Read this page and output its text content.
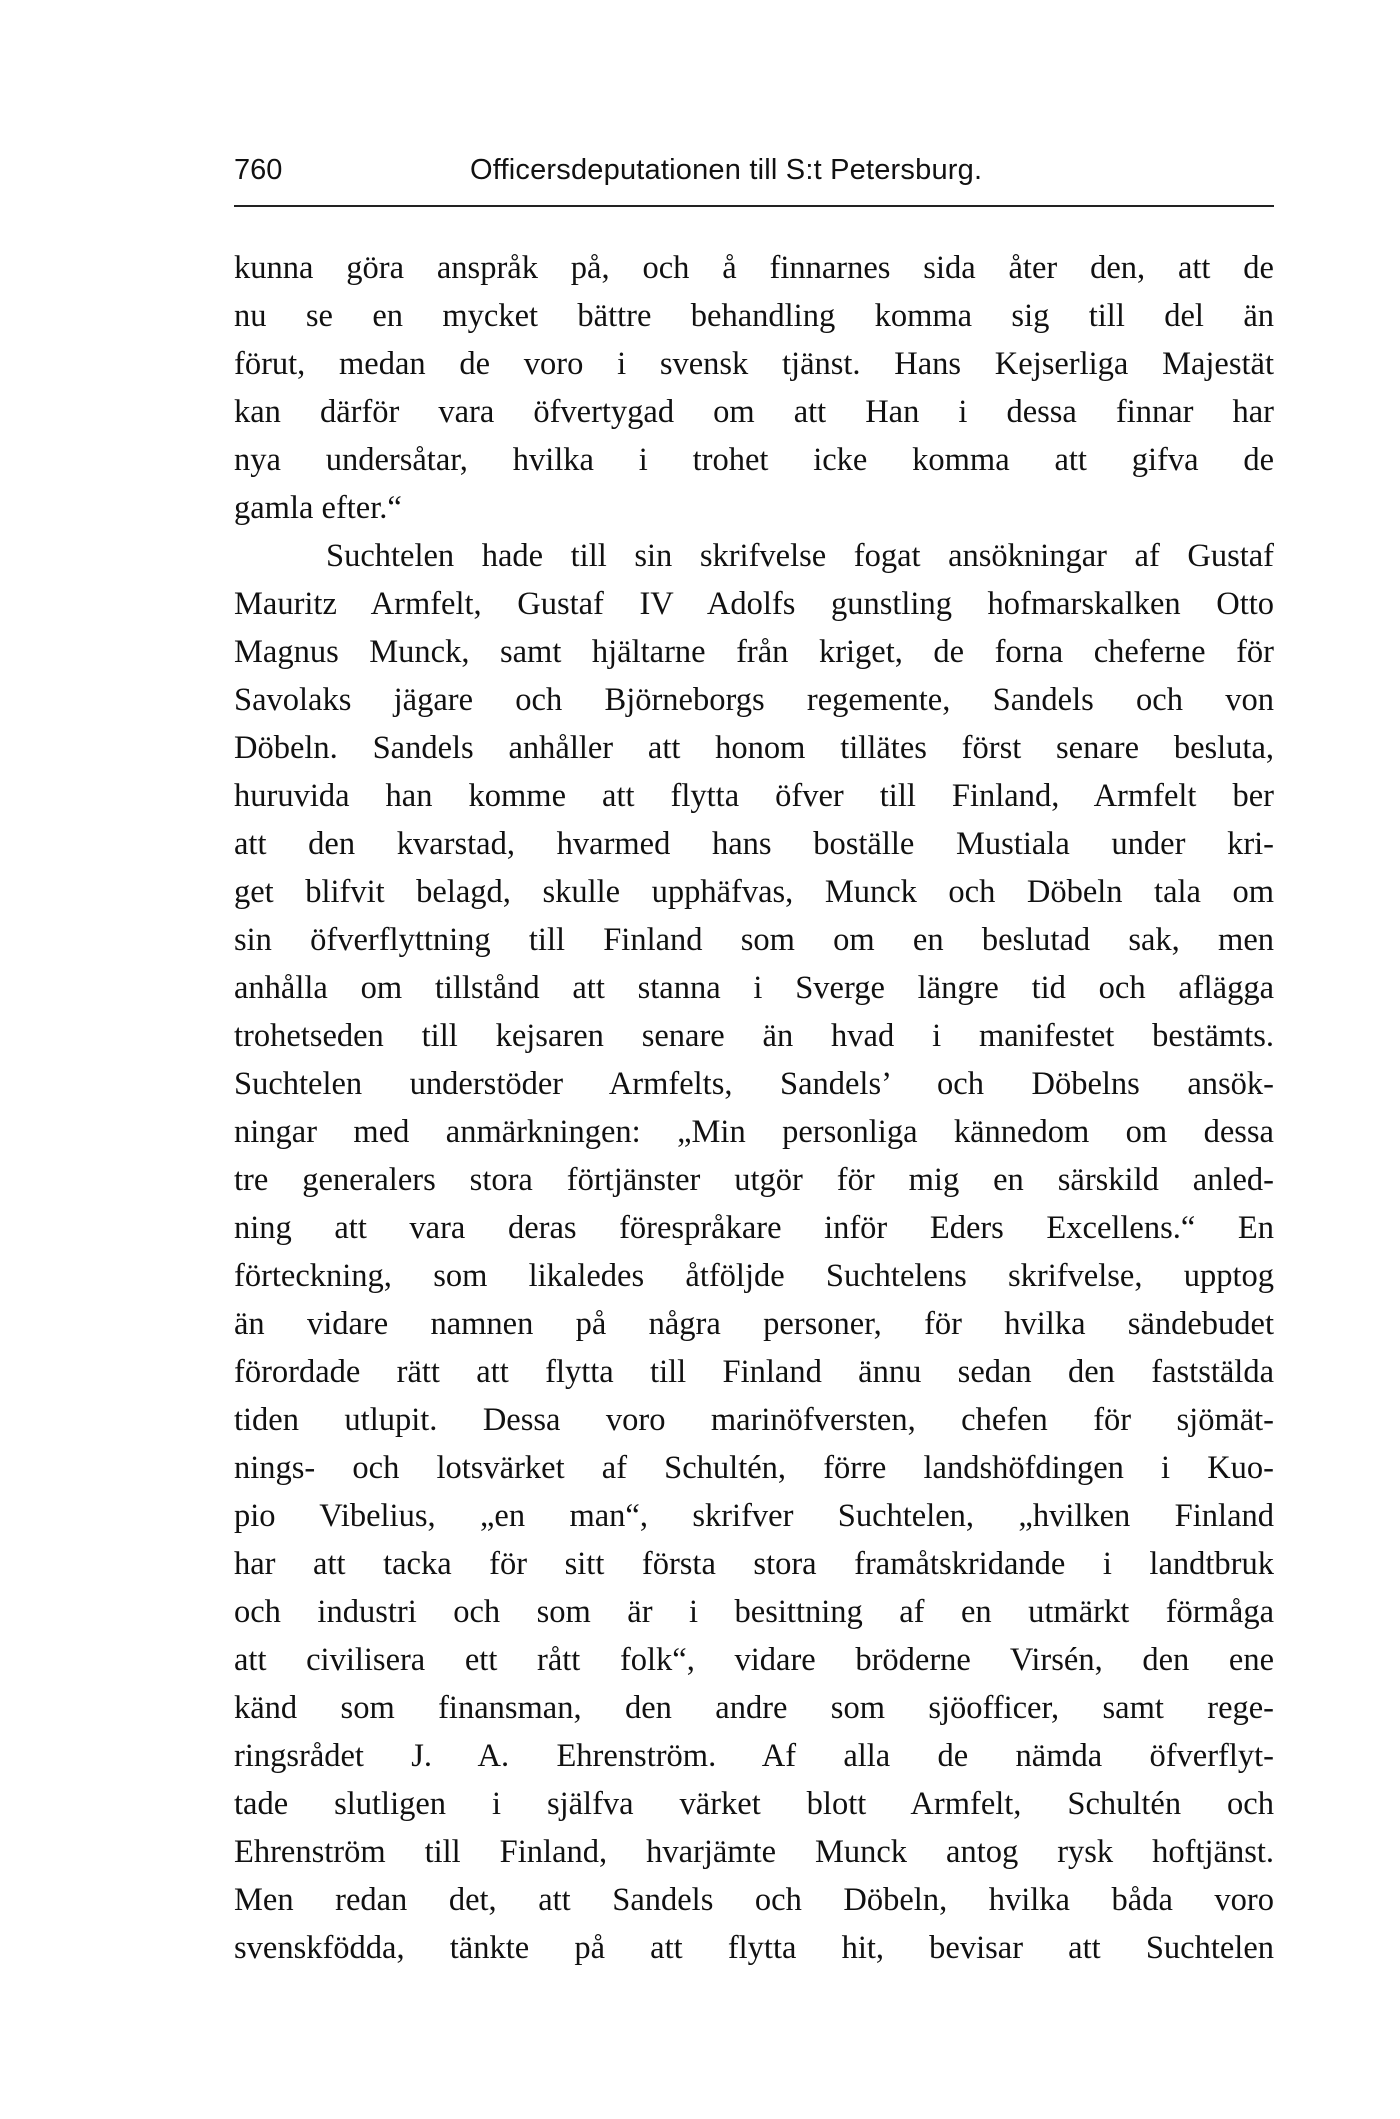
760	Officersdeputationen till S:t Petersburg.
kunna göra anspråk på, och å finnarnes sida åter den, att de
nu se en mycket bättre behandling komma sig till del än
förut, medan de voro i svensk tjänst. Hans Kejserliga Majestät
kan därför vara öfvertygad om att Han i dessa finnar har
nya undersåtar, hvilka i trohet icke komma att gifva de
gamla efter.“
Suchtelen hade till sin skrifvelse fogat ansökningar af Gustaf
Mauritz Armfelt, Gustaf IV Adolfs gunstling hofmarskalken Otto
Magnus Munck, samt hjältarne från kriget, de forna cheferne för
Savolaks jägare och Björneborgs regemente, Sandels och von
Döbeln. Sandels anhåller att honom tillätes först senare besluta,
huruvida han komme att flytta öfver till Finland, Armfelt ber
att den kvarstad, hvarmed hans boställe Mustiala under kri-
get blifvit belagd, skulle upphäfvas, Munck och Döbeln tala om
sin öfverflyttning till Finland som om en beslutad sak, men
anhålla om tillstånd att stanna i Sverge längre tid och aflägga
trohetseden till kejsaren senare än hvad i manifestet bestämts.
Suchtelen understöder Armfelts, Sandels’ och Döbelns ansök-
ningar med anmärkningen: „Min personliga kännedom om dessa
tre generalers stora förtjänster utgör för mig en särskild anled-
ning att vara deras förespråkare inför Eders Excellens.“ En
förteckning, som likaledes åtföljde Suchtelens skrifvelse, upptog
än vidare namnen på några personer, för hvilka sändebudet
förordade rätt att flytta till Finland ännu sedan den faststälda
tiden utlupit. Dessa voro marinöfversten, chefen för sjömät-
nings- och lotsvärket af Schultén, förre landshöfdingen i Kuo-
pio Vibelius, „en man“, skrifver Suchtelen, „hvilken Finland
har att tacka för sitt första stora framåtskridande i landtbruk
och industri och som är i besittning af en utmärkt förmåga
att civilisera ett rått folk“, vidare bröderne Virsén, den ene
känd som finansman, den andre som sjöofficer, samt rege-
ringsrådet J. A. Ehrenström. Af alla de nämda öfverflyt-
tade slutligen i själfva värket blott Armfelt, Schultén och
Ehrenström till Finland, hvarjämte Munck antog rysk hoftjänst.
Men redan det, att Sandels och Döbeln, hvilka båda voro
svenskfödda, tänkte på att flytta hit, bevisar att Suchtelen
